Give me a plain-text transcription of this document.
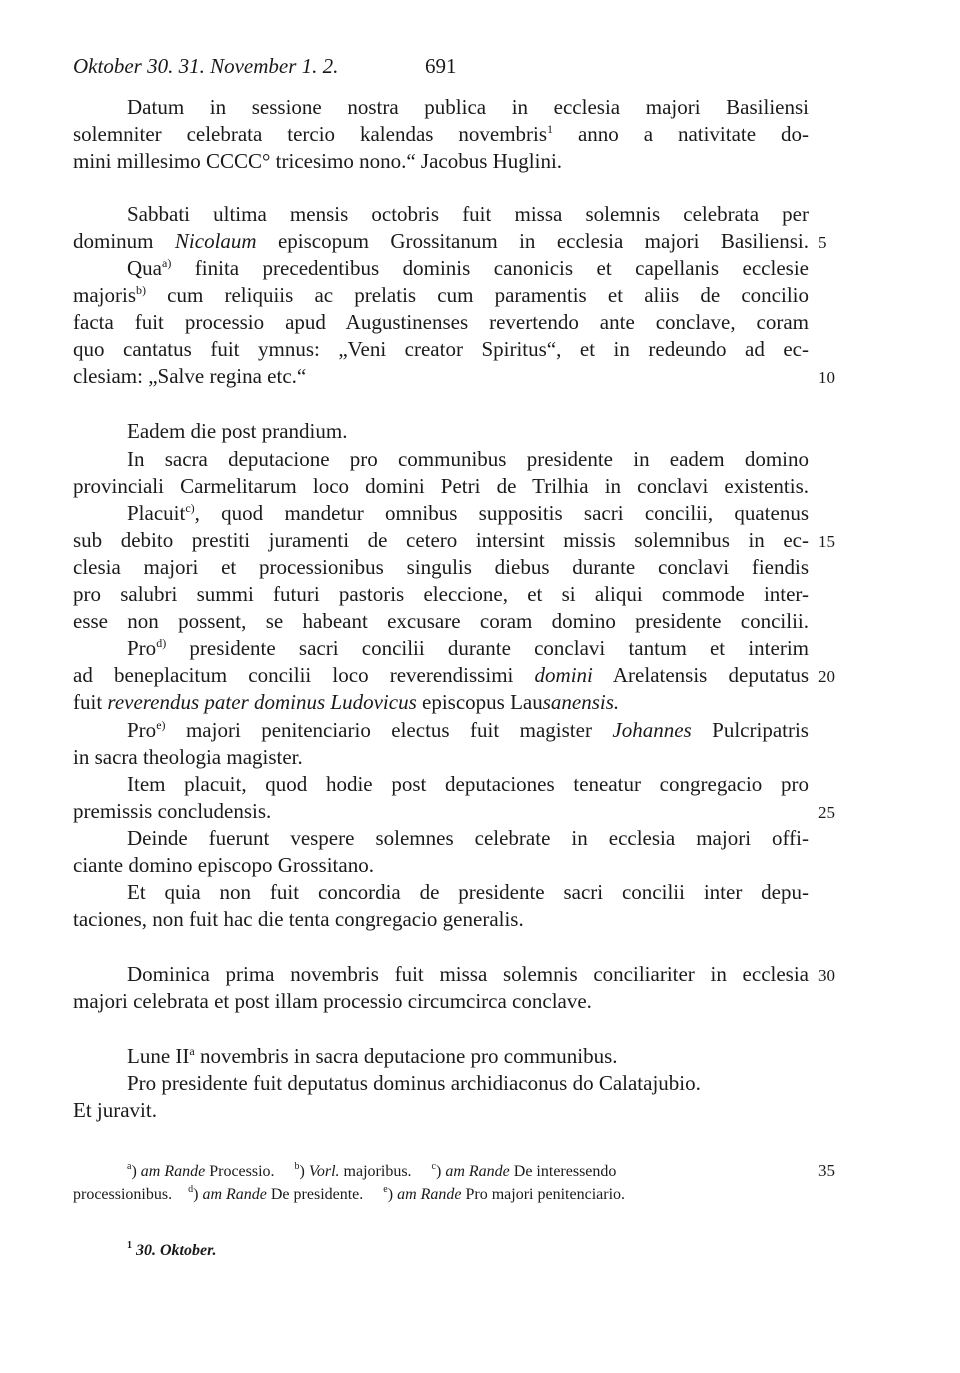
Oktober 30. 31. November 1. 2.	691
Datum in sessione nostra publica in ecclesia majori Basiliensi
solemniter celebrata tercio kalendas novembris$^1$ anno a nativitate do-
mini millesimo CCCC° tricesimo nono.“ Jacobus Huglini.
Sabbati ultima mensis octobris fuit missa solemnis celebrata per
dominum Nicolaum episcopum Grossitanum in ecclesia majori Basiliensi.
Qua$^{a)}$ finita precedentibus dominis canonicis et capellanis ecclesie
majoris$^{b)}$ cum reliquiis ac prelatis cum paramentis et aliis de concilio
facta fuit processio apud Augustinenses revertendo ante conclave, coram
quo cantatus fuit ymnus: „Veni creator Spiritus“, et in redeundo ad ec-
clesiam: „Salve regina etc.“
Eadem die post prandium.
In sacra deputacione pro communibus presidente in eadem domino
provinciali Carmelitarum loco domini Petri de Trilhia in conclavi existentis.
Placuit$^{c)}$, quod mandetur omnibus suppositis sacri concilii, quatenus
sub debito prestiti juramenti de cetero intersint missis solemnibus in ec-
clesia majori et processionibus singulis diebus durante conclavi fiendis
pro salubri summi futuri pastoris eleccione, et si aliqui commode inter-
esse non possent, se habeant excusare coram domino presidente concilii.
Pro$^{d)}$ presidente sacri concilii durante conclavi tantum et interim
ad beneplacitum concilii loco reverendissimi domini Arelatensis deputatus
fuit reverendus pater dominus Ludovicus episcopus Lausanensis.
Pro$^{e)}$ majori penitenciario electus fuit magister Johannes Pulcripatris
in sacra theologia magister.
Item placuit, quod hodie post deputaciones teneatur congregacio pro
premissis concludensis.
Deinde fuerunt vespere solemnes celebrate in ecclesia majori offi-
ciante domino episcopo Grossitano.
Et quia non fuit concordia de presidente sacri concilii inter depu-
taciones, non fuit hac die tenta congregacio generalis.
Dominica prima novembris fuit missa solemnis conciliariter in ecclesia
majori celebrata et post illam processio circumcirca conclave.
Lune $II^a$ novembris in sacra deputacione pro communibus.
Pro presidente fuit deputatus dominus archidiaconus do Calatajubio.
Et juravit.
5
10
15
20
25
30
35
$^a$) am Rande Processio. $^b$) Vorl. majoribus. $^c$) am Rande De interessendo
processionibus. $^d$) am Rande De presidente. $^e$) am Rande Pro majori penitenciario.
$^1$ 30. Oktober.
